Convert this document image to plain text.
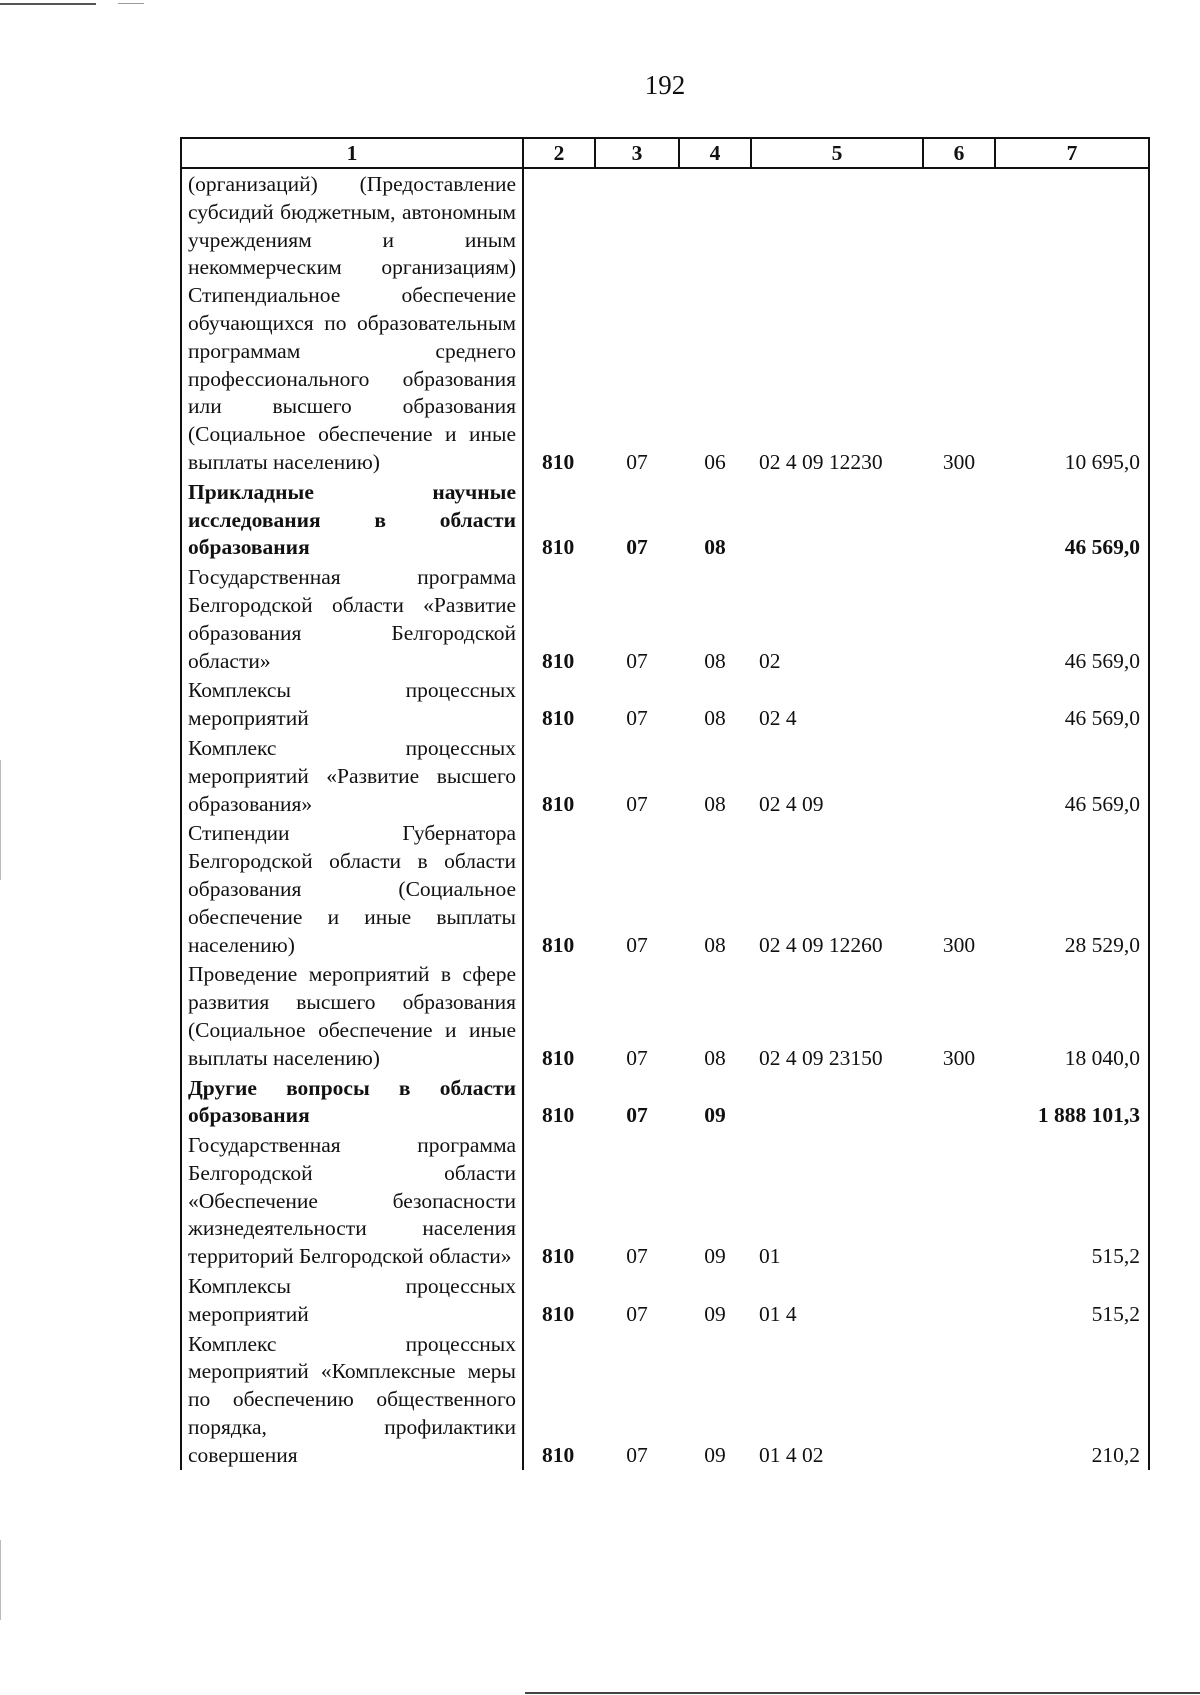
192
1	2	3	4	5	6	7
(организаций) (Предоставление субсидий бюджетным, автономным учреждениям и иным некоммерческим организациям) Стипендиальное обеспечение обучающихся по образовательным программам среднего профессионального образования или высшего образования (Социальное обеспечение и иные выплаты населению)	810	07	06	02 4 09 12230	300	10 695,0
Прикладные научные исследования в области образования	810	07	08			46 569,0
Государственная программа Белгородской области «Развитие образования Белгородской области»	810	07	08	02		46 569,0
Комплексы процессных мероприятий	810	07	08	02 4		46 569,0
Комплекс процессных мероприятий «Развитие высшего образования»	810	07	08	02 4 09		46 569,0
Стипендии Губернатора Белгородской области в области образования (Социальное обеспечение и иные выплаты населению)	810	07	08	02 4 09 12260	300	28 529,0
Проведение мероприятий в сфере развития высшего образования (Социальное обеспечение и иные выплаты населению)	810	07	08	02 4 09 23150	300	18 040,0
Другие вопросы в области образования	810	07	09			1 888 101,3
Государственная программа Белгородской области «Обеспечение безопасности жизнедеятельности населения территорий Белгородской области»	810	07	09	01		515,2
Комплексы процессных мероприятий	810	07	09	01 4		515,2
Комплекс процессных мероприятий «Комплексные меры по обеспечению общественного порядка, профилактики совершения	810	07	09	01 4 02		210,2
